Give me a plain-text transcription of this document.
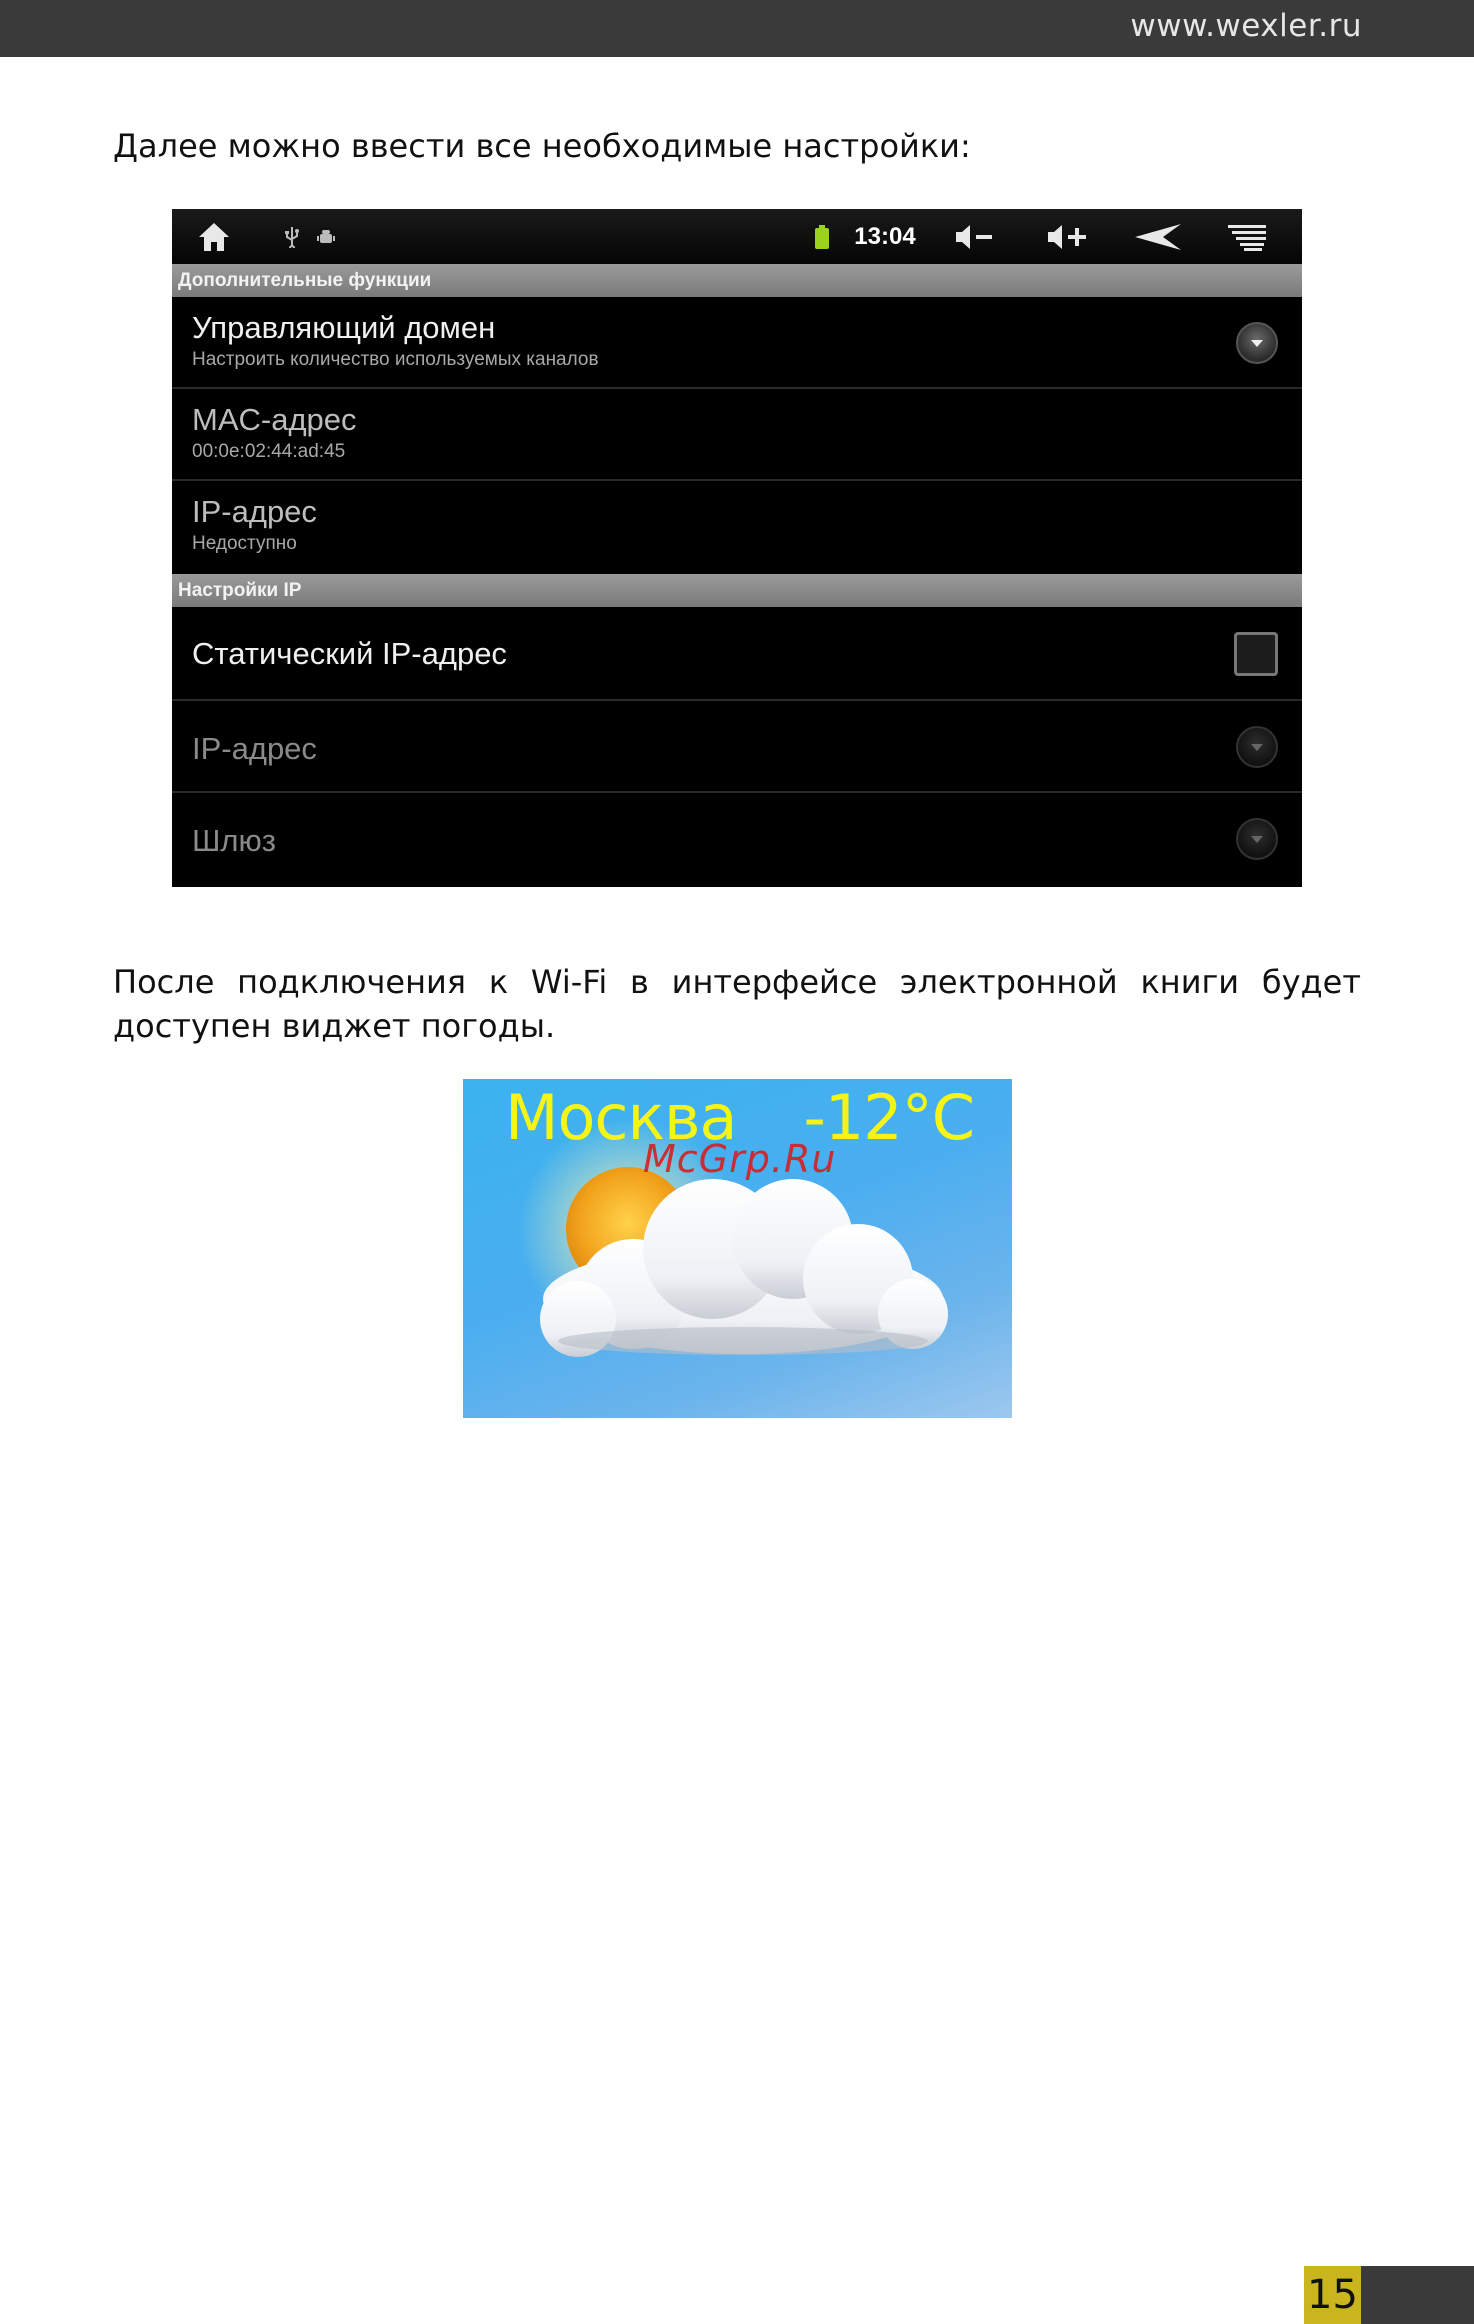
www.wexler.ru

Далее можно ввести все необходимые настройки:

13:04
Дополнительные функции
Управляющий домен
Настроить количество используемых каналов
MAC-адрес
00:0e:02:44:ad:45
IP-адрес
Недоступно
Настройки IP
Статический IP-адрес
IP-адрес
Шлюз

После подключения к Wi-Fi в интерфейсе электронной книги будет доступен виджет погоды.

Москва -12°C
McGrp.Ru
15
